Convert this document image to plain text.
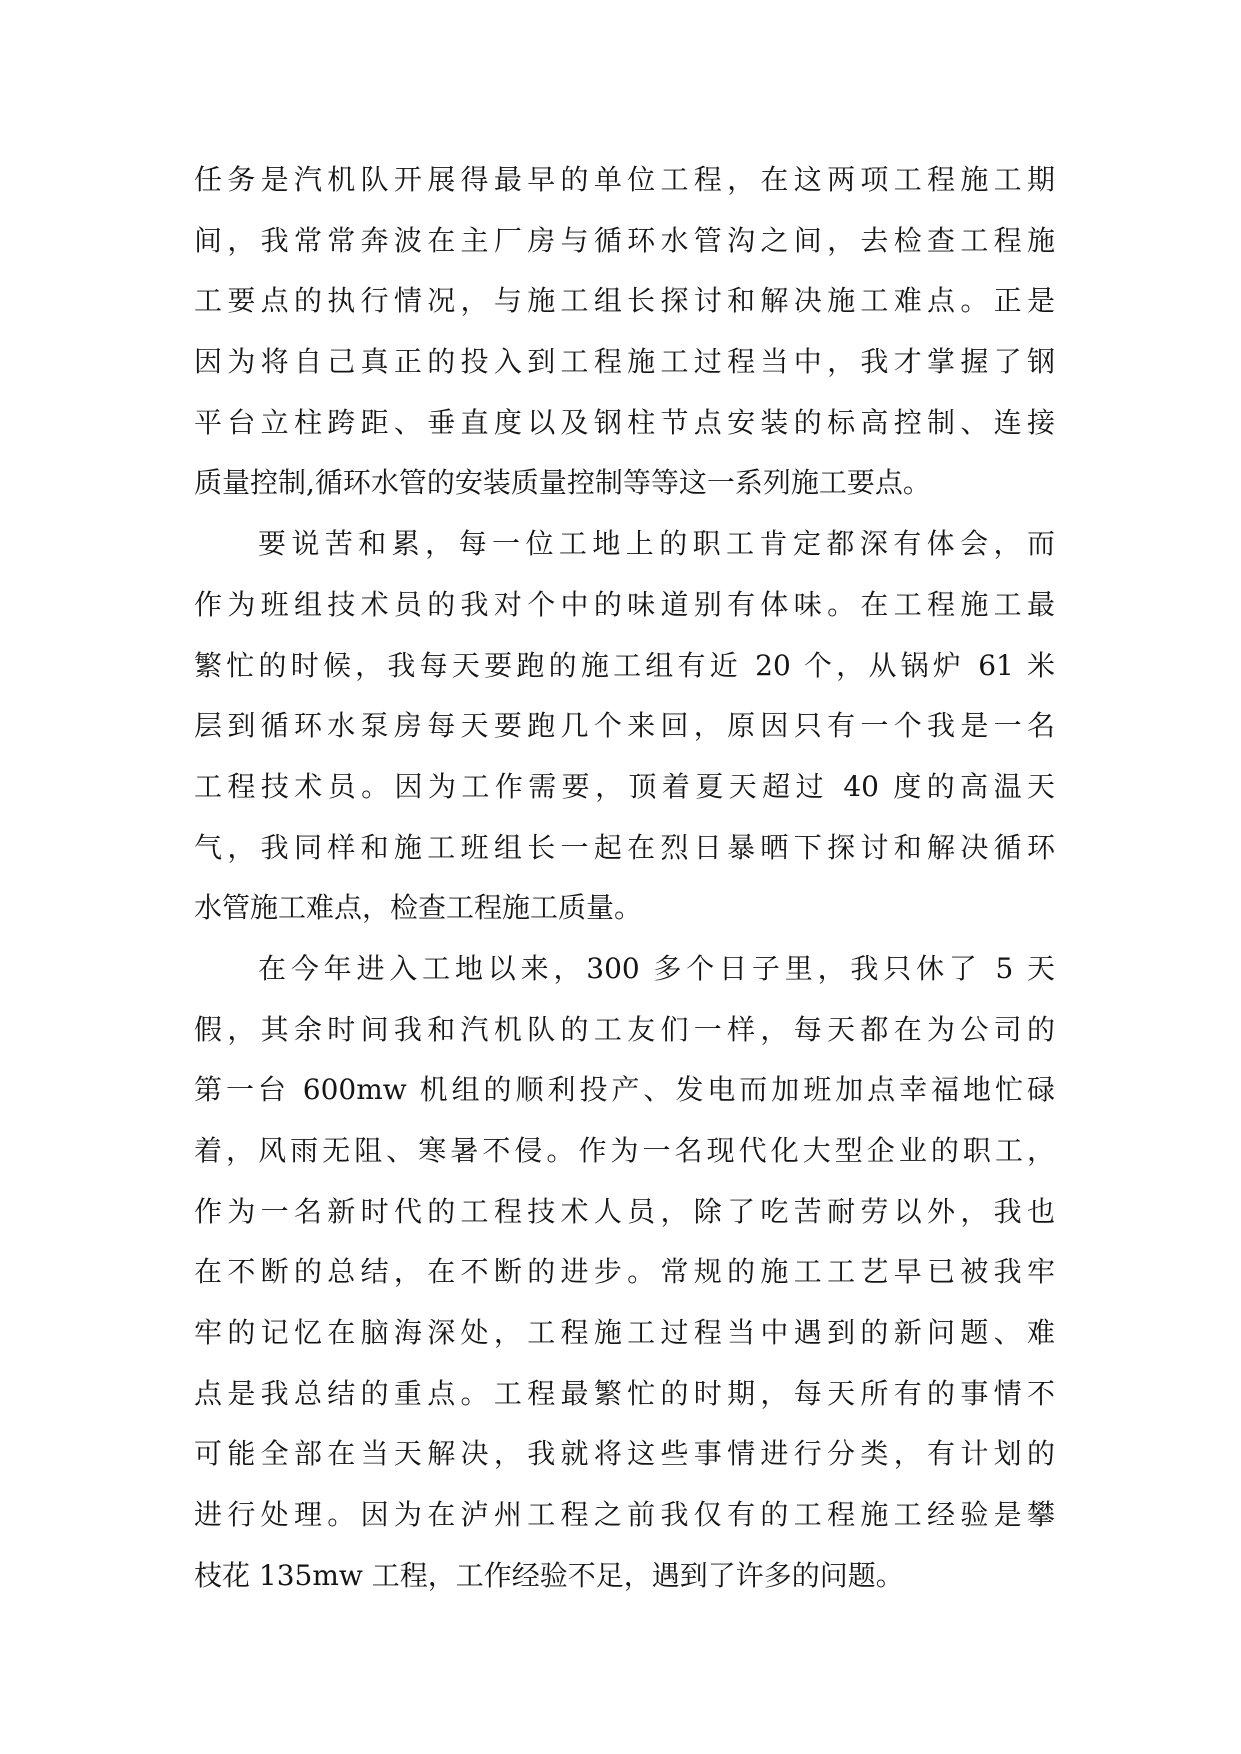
任务是汽机队开展得最早的单位工程，在这两项工程施工期
间，我常常奔波在主厂房与循环水管沟之间，去检查工程施
工要点的执行情况，与施工组长探讨和解决施工难点。正是
因为将自己真正的投入到工程施工过程当中，我才掌握了钢
平台立柱跨距、垂直度以及钢柱节点安装的标高控制、连接
质量控制,循环水管的安装质量控制等等这一系列施工要点。
要说苦和累，每一位工地上的职工肯定都深有体会，而
作为班组技术员的我对个中的味道别有体味。在工程施工最
繁忙的时候，我每天要跑的施工组有近 20 个，从锅炉 61 米
层到循环水泵房每天要跑几个来回，原因只有一个我是一名
工程技术员。因为工作需要，顶着夏天超过 40 度的高温天
气，我同样和施工班组长一起在烈日暴晒下探讨和解决循环
水管施工难点，检查工程施工质量。
在今年进入工地以来，300 多个日子里，我只休了 5 天
假，其余时间我和汽机队的工友们一样，每天都在为公司的
第一台 600mw 机组的顺利投产、发电而加班加点幸福地忙碌
着，风雨无阻、寒暑不侵。作为一名现代化大型企业的职工，
作为一名新时代的工程技术人员，除了吃苦耐劳以外，我也
在不断的总结，在不断的进步。常规的施工工艺早已被我牢
牢的记忆在脑海深处，工程施工过程当中遇到的新问题、难
点是我总结的重点。工程最繁忙的时期，每天所有的事情不
可能全部在当天解决，我就将这些事情进行分类，有计划的
进行处理。因为在泸州工程之前我仅有的工程施工经验是攀
枝花 135mw 工程，工作经验不足，遇到了许多的问题。
